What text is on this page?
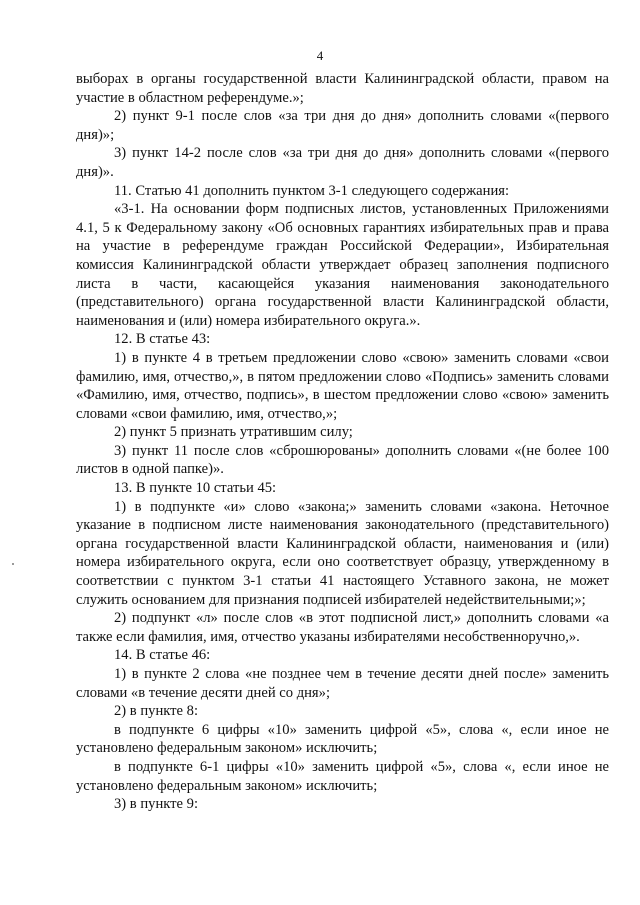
4

выборах в органы государственной власти Калининградской области, правом на участие в областном референдуме.»;

2) пункт 9-1 после слов «за три дня до дня» дополнить словами «(первого дня)»;

3) пункт 14-2 после слов «за три дня до дня» дополнить словами «(первого дня)».

11. Статью 41 дополнить пунктом 3-1 следующего содержания:

«3-1. На основании форм подписных листов, установленных Приложениями 4.1, 5 к Федеральному закону «Об основных гарантиях избирательных прав и права на участие в референдуме граждан Российской Федерации», Избирательная комиссия Калининградской области утверждает образец заполнения подписного листа в части, касающейся указания наименования законодательного (представительного) органа государственной власти Калининградской области, наименования и (или) номера избирательного округа.».

12. В статье 43:

1) в пункте 4 в третьем предложении слово «свою» заменить словами «свои фамилию, имя, отчество,», в пятом предложении слово «Подпись» заменить словами «Фамилию, имя, отчество, подпись», в шестом предложении слово «свою» заменить словами «свои фамилию, имя, отчество,»;

2) пункт 5 признать утратившим силу;

3) пункт 11 после слов «сброшюрованы» дополнить словами «(не более 100 листов в одной папке)».

13. В пункте 10 статьи 45:

1) в подпункте «и» слово «закона;» заменить словами «закона. Неточное указание в подписном листе наименования законодательного (представительного) органа государственной власти Калининградской области, наименования и (или) номера избирательного округа, если оно соответствует образцу, утвержденному в соответствии с пунктом 3-1 статьи 41 настоящего Уставного закона, не может служить основанием для признания подписей избирателей недействительными;»;

2) подпункт «л» после слов «в этот подписной лист,» дополнить словами «а также если фамилия, имя, отчество указаны избирателями несобственноручно,».

14. В статье 46:

1) в пункте 2 слова «не позднее чем в течение десяти дней после» заменить словами «в течение десяти дней со дня»;

2) в пункте 8:

в подпункте 6 цифры «10» заменить цифрой «5», слова «, если иное не установлено федеральным законом» исключить;

в подпункте 6-1 цифры «10» заменить цифрой «5», слова «, если иное не установлено федеральным законом» исключить;

3) в пункте 9:
